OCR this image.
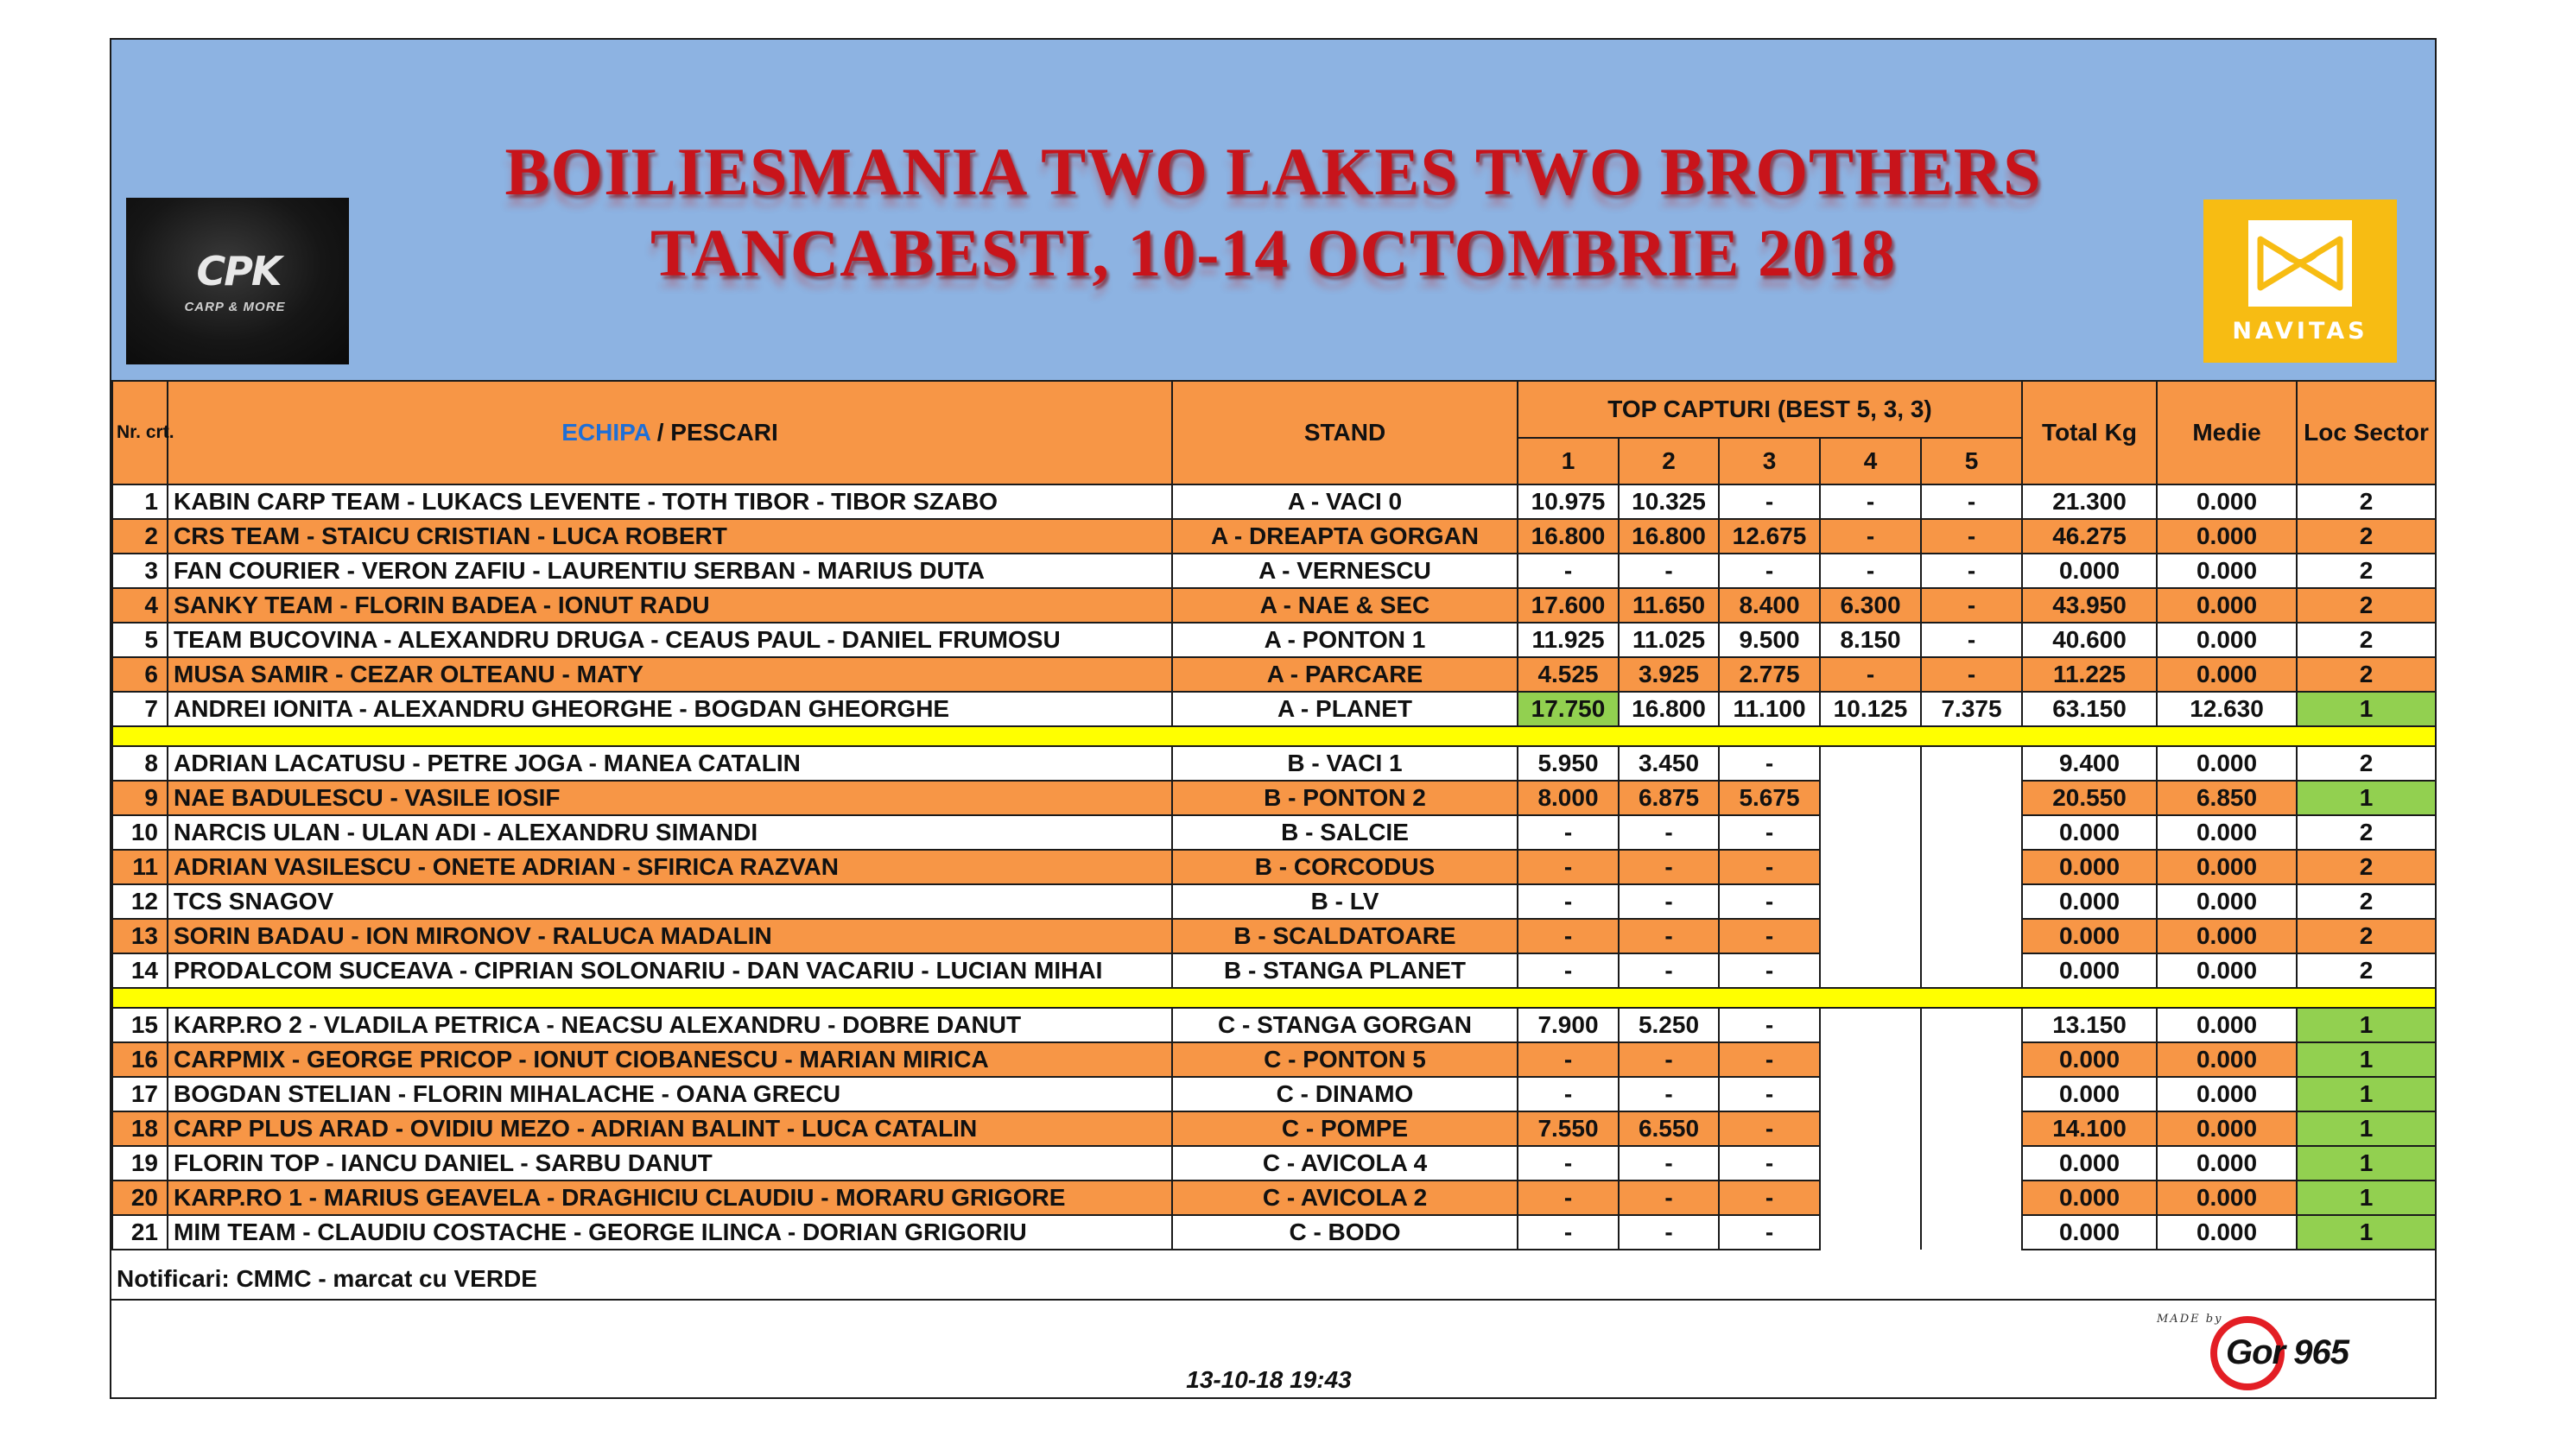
CPK
CARP & MORE
BOILIESMANIA TWO LAKES TWO BROTHERS
TANCABESTI, 10-14 OCTOMBRIE 2018
NAVITAS
Nr. crt.	ECHIPA / PESCARI	STAND	TOP CAPTURI (BEST 5, 3, 3)					Total Kg	Medie	Loc Sector
			1	2	3	4	5			
1	KABIN CARP TEAM - LUKACS LEVENTE - TOTH TIBOR - TIBOR SZABO	A - VACI 0	10.975	10.325	-	-	-	21.300	0.000	2
2	CRS TEAM - STAICU CRISTIAN - LUCA ROBERT	A - DREAPTA GORGAN	16.800	16.800	12.675	-	-	46.275	0.000	2
3	FAN COURIER - VERON ZAFIU - LAURENTIU SERBAN - MARIUS DUTA	A - VERNESCU	-	-	-	-	-	0.000	0.000	2
4	SANKY TEAM - FLORIN BADEA - IONUT RADU	A - NAE & SEC	17.600	11.650	8.400	6.300	-	43.950	0.000	2
5	TEAM BUCOVINA - ALEXANDRU DRUGA - CEAUS PAUL - DANIEL FRUMOSU	A - PONTON 1	11.925	11.025	9.500	8.150	-	40.600	0.000	2
6	MUSA SAMIR - CEZAR OLTEANU - MATY	A - PARCARE	4.525	3.925	2.775	-	-	11.225	0.000	2
7	ANDREI IONITA - ALEXANDRU GHEORGHE - BOGDAN GHEORGHE	A - PLANET	17.750	16.800	11.100	10.125	7.375	63.150	12.630	1

8	ADRIAN LACATUSU - PETRE JOGA - MANEA CATALIN	B - VACI 1	5.950	3.450	-			9.400	0.000	2
9	NAE BADULESCU - VASILE IOSIF	B - PONTON 2	8.000	6.875	5.675			20.550	6.850	1
10	NARCIS ULAN - ULAN ADI - ALEXANDRU SIMANDI	B - SALCIE	-	-	-			0.000	0.000	2
11	ADRIAN VASILESCU - ONETE ADRIAN - SFIRICA RAZVAN	B - CORCODUS	-	-	-			0.000	0.000	2
12	TCS SNAGOV	B - LV	-	-	-			0.000	0.000	2
13	SORIN BADAU - ION MIRONOV - RALUCA MADALIN	B - SCALDATOARE	-	-	-			0.000	0.000	2
14	PRODALCOM SUCEAVA - CIPRIAN SOLONARIU - DAN VACARIU - LUCIAN MIHAI	B - STANGA PLANET	-	-	-			0.000	0.000	2

15	KARP.RO 2 - VLADILA PETRICA - NEACSU ALEXANDRU - DOBRE DANUT	C - STANGA GORGAN	7.900	5.250	-			13.150	0.000	1
16	CARPMIX - GEORGE PRICOP - IONUT CIOBANESCU - MARIAN MIRICA	C - PONTON 5	-	-	-			0.000	0.000	1
17	BOGDAN STELIAN - FLORIN MIHALACHE - OANA GRECU	C - DINAMO	-	-	-			0.000	0.000	1
18	CARP PLUS ARAD - OVIDIU MEZO - ADRIAN BALINT - LUCA CATALIN	C - POMPE	7.550	6.550	-			14.100	0.000	1
19	FLORIN TOP - IANCU DANIEL - SARBU DANUT	C - AVICOLA 4	-	-	-			0.000	0.000	1
20	KARP.RO 1 - MARIUS GEAVELA - DRAGHICIU CLAUDIU - MORARU GRIGORE	C - AVICOLA 2	-	-	-			0.000	0.000	1
21	MIM TEAM - CLAUDIU COSTACHE - GEORGE ILINCA - DORIAN GRIGORIU	C - BODO	-	-	-			0.000	0.000	1
Notificari: CMMC - marcat cu VERDE
13-10-18 19:43
MADE by
Gor 965
